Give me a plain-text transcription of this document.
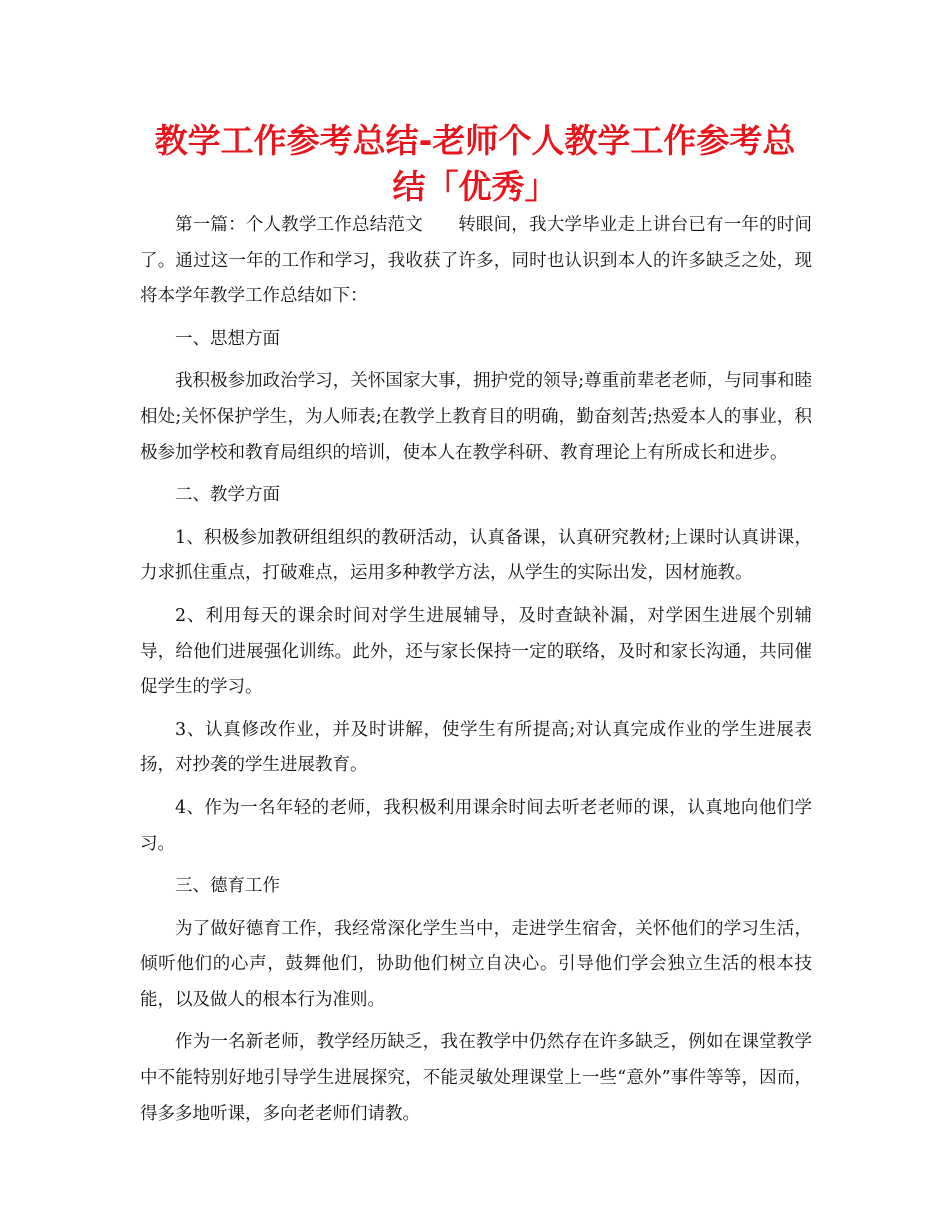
教学工作参考总结-老师个人教学工作参考总结「优秀」

第一篇：个人教学工作总结范文　　转眼间，我大学毕业走上讲台已有一年的时间了。通过这一年的工作和学习，我收获了许多，同时也认识到本人的许多缺乏之处，现将本学年教学工作总结如下：

一、思想方面

我积极参加政治学习，关怀国家大事，拥护党的领导;尊重前辈老老师，与同事和睦相处;关怀保护学生，为人师表;在教学上教育目的明确，勤奋刻苦;热爱本人的事业，积极参加学校和教育局组织的培训，使本人在教学科研、教育理论上有所成长和进步。

二、教学方面

1、积极参加教研组组织的教研活动，认真备课，认真研究教材;上课时认真讲课，力求抓住重点，打破难点，运用多种教学方法，从学生的实际出发，因材施教。

2、利用每天的课余时间对学生进展辅导，及时查缺补漏，对学困生进展个别辅导，给他们进展强化训练。此外，还与家长保持一定的联络，及时和家长沟通，共同催促学生的学习。

3、认真修改作业，并及时讲解，使学生有所提高;对认真完成作业的学生进展表扬，对抄袭的学生进展教育。

4、作为一名年轻的老师，我积极利用课余时间去听老老师的课，认真地向他们学习。

三、德育工作

为了做好德育工作，我经常深化学生当中，走进学生宿舍，关怀他们的学习生活，倾听他们的心声，鼓舞他们，协助他们树立自决心。引导他们学会独立生活的根本技能，以及做人的根本行为准则。

作为一名新老师，教学经历缺乏，我在教学中仍然存在许多缺乏，例如在课堂教学中不能特别好地引导学生进展探究，不能灵敏处理课堂上一些“意外”事件等等，因而，得多多地听课，多向老老师们请教。
